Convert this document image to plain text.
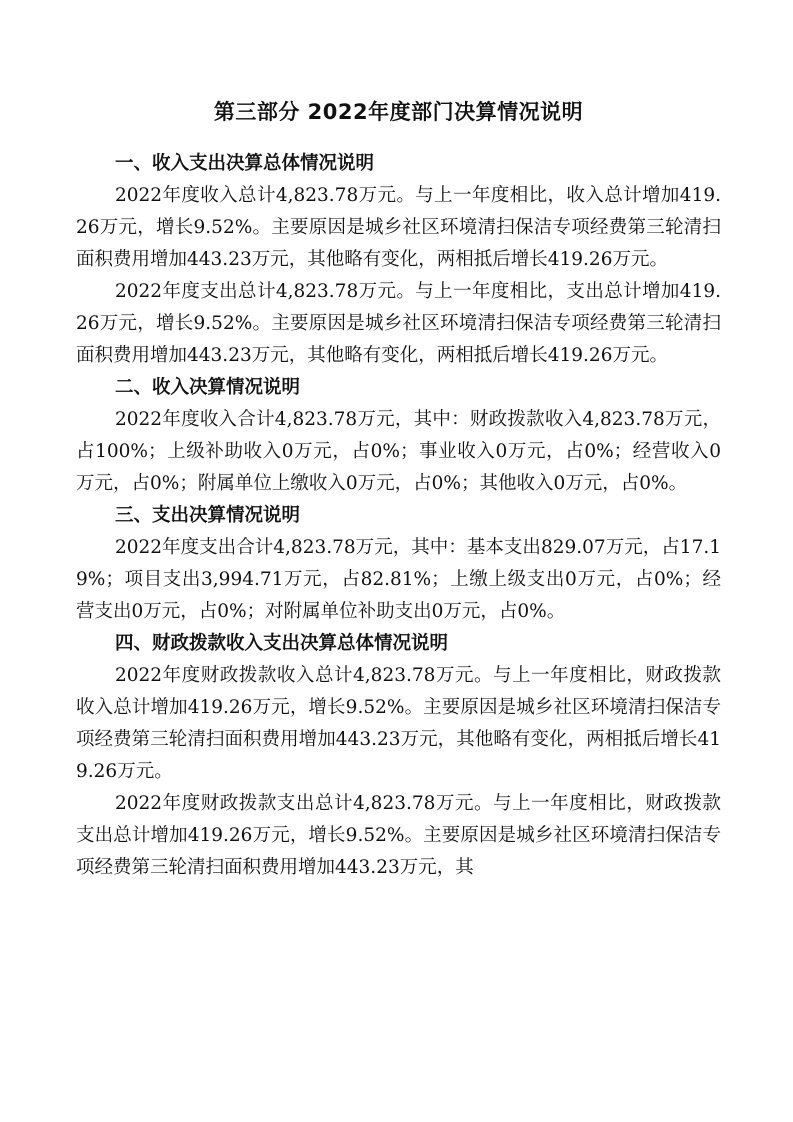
第三部分 2022年度部门决算情况说明
一、收入支出决算总体情况说明

2022年度收入总计4,823.78万元。与上一年度相比，收入总计增加419.26万元，增长9.52%。主要原因是城乡社区环境清扫保洁专项经费第三轮清扫面积费用增加443.23万元，其他略有变化，两相抵后增长419.26万元。

2022年度支出总计4,823.78万元。与上一年度相比，支出总计增加419.26万元，增长9.52%。主要原因是城乡社区环境清扫保洁专项经费第三轮清扫面积费用增加443.23万元，其他略有变化，两相抵后增长419.26万元。

二、收入决算情况说明

2022年度收入合计4,823.78万元，其中：财政拨款收入4,823.78万元，占100%；上级补助收入0万元，占0%；事业收入0万元，占0%；经营收入0万元，占0%；附属单位上缴收入0万元，占0%；其他收入0万元，占0%。

三、支出决算情况说明

2022年度支出合计4,823.78万元，其中：基本支出829.07万元，占17.19%；项目支出3,994.71万元，占82.81%；上缴上级支出0万元，占0%；经营支出0万元，占0%；对附属单位补助支出0万元，占0%。

四、财政拨款收入支出决算总体情况说明

2022年度财政拨款收入总计4,823.78万元。与上一年度相比，财政拨款收入总计增加419.26万元，增长9.52%。主要原因是城乡社区环境清扫保洁专项经费第三轮清扫面积费用增加443.23万元，其他略有变化，两相抵后增长419.26万元。

2022年度财政拨款支出总计4,823.78万元。与上一年度相比，财政拨款支出总计增加419.26万元，增长9.52%。主要原因是城乡社区环境清扫保洁专项经费第三轮清扫面积费用增加443.23万元，其
